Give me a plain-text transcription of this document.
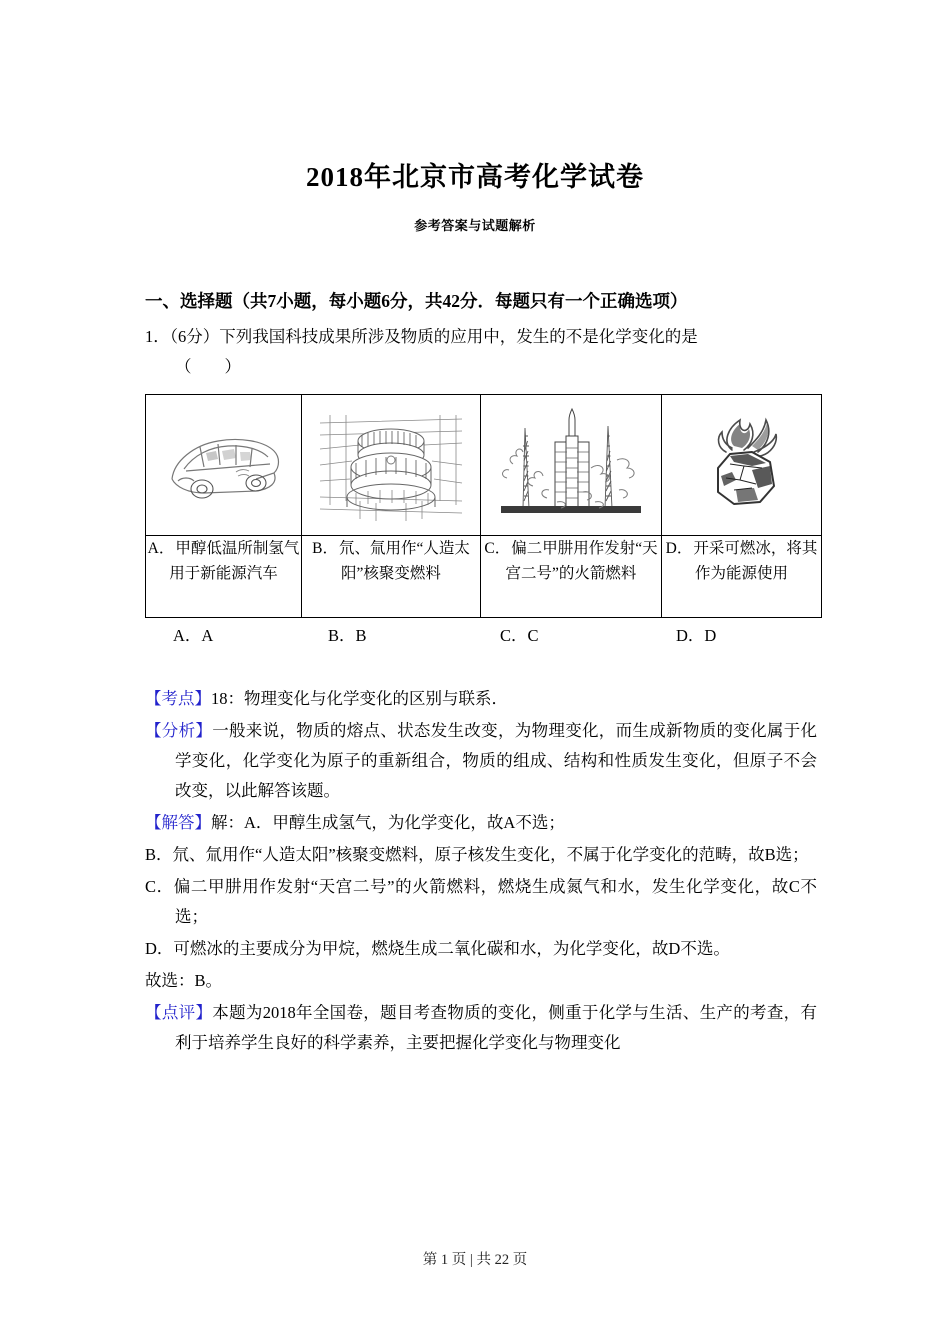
2018年北京市高考化学试卷
参考答案与试题解析
一、选择题（共7小题，每小题6分，共42分．每题只有一个正确选项）

1．（6分）下列我国科技成果所涉及物质的应用中，发生的不是化学变化的是

（　　）

A．甲醇低温所制氢气用于新能源汽车	B．氘、氚用作“人造太阳”核聚变燃料	C．偏二甲肼用作发射“天宫二号”的火箭燃料	D．开采可燃冰，将其作为能源使用
A．A	B．B	C．C	D．D

【考点】18：物理变化与化学变化的区别与联系．

【分析】一般来说，物质的熔点、状态发生改变，为物理变化，而生成新物质的变化属于化学变化，化学变化为原子的重新组合，物质的组成、结构和性质发生变化，但原子不会改变，以此解答该题。

【解答】解：A．甲醇生成氢气，为化学变化，故A不选；

B．氘、氚用作“人造太阳”核聚变燃料，原子核发生变化，不属于化学变化的范畴，故B选；

C．偏二甲肼用作发射“天宫二号”的火箭燃料，燃烧生成氮气和水，发生化学变化，故C不选；

D．可燃冰的主要成分为甲烷，燃烧生成二氧化碳和水，为化学变化，故D不选。

故选：B。

【点评】本题为2018年全国卷，题目考查物质的变化，侧重于化学与生活、生产的考查，有利于培养学生良好的科学素养，主要把握化学变化与物理变化

第 1 页 | 共 22 页
